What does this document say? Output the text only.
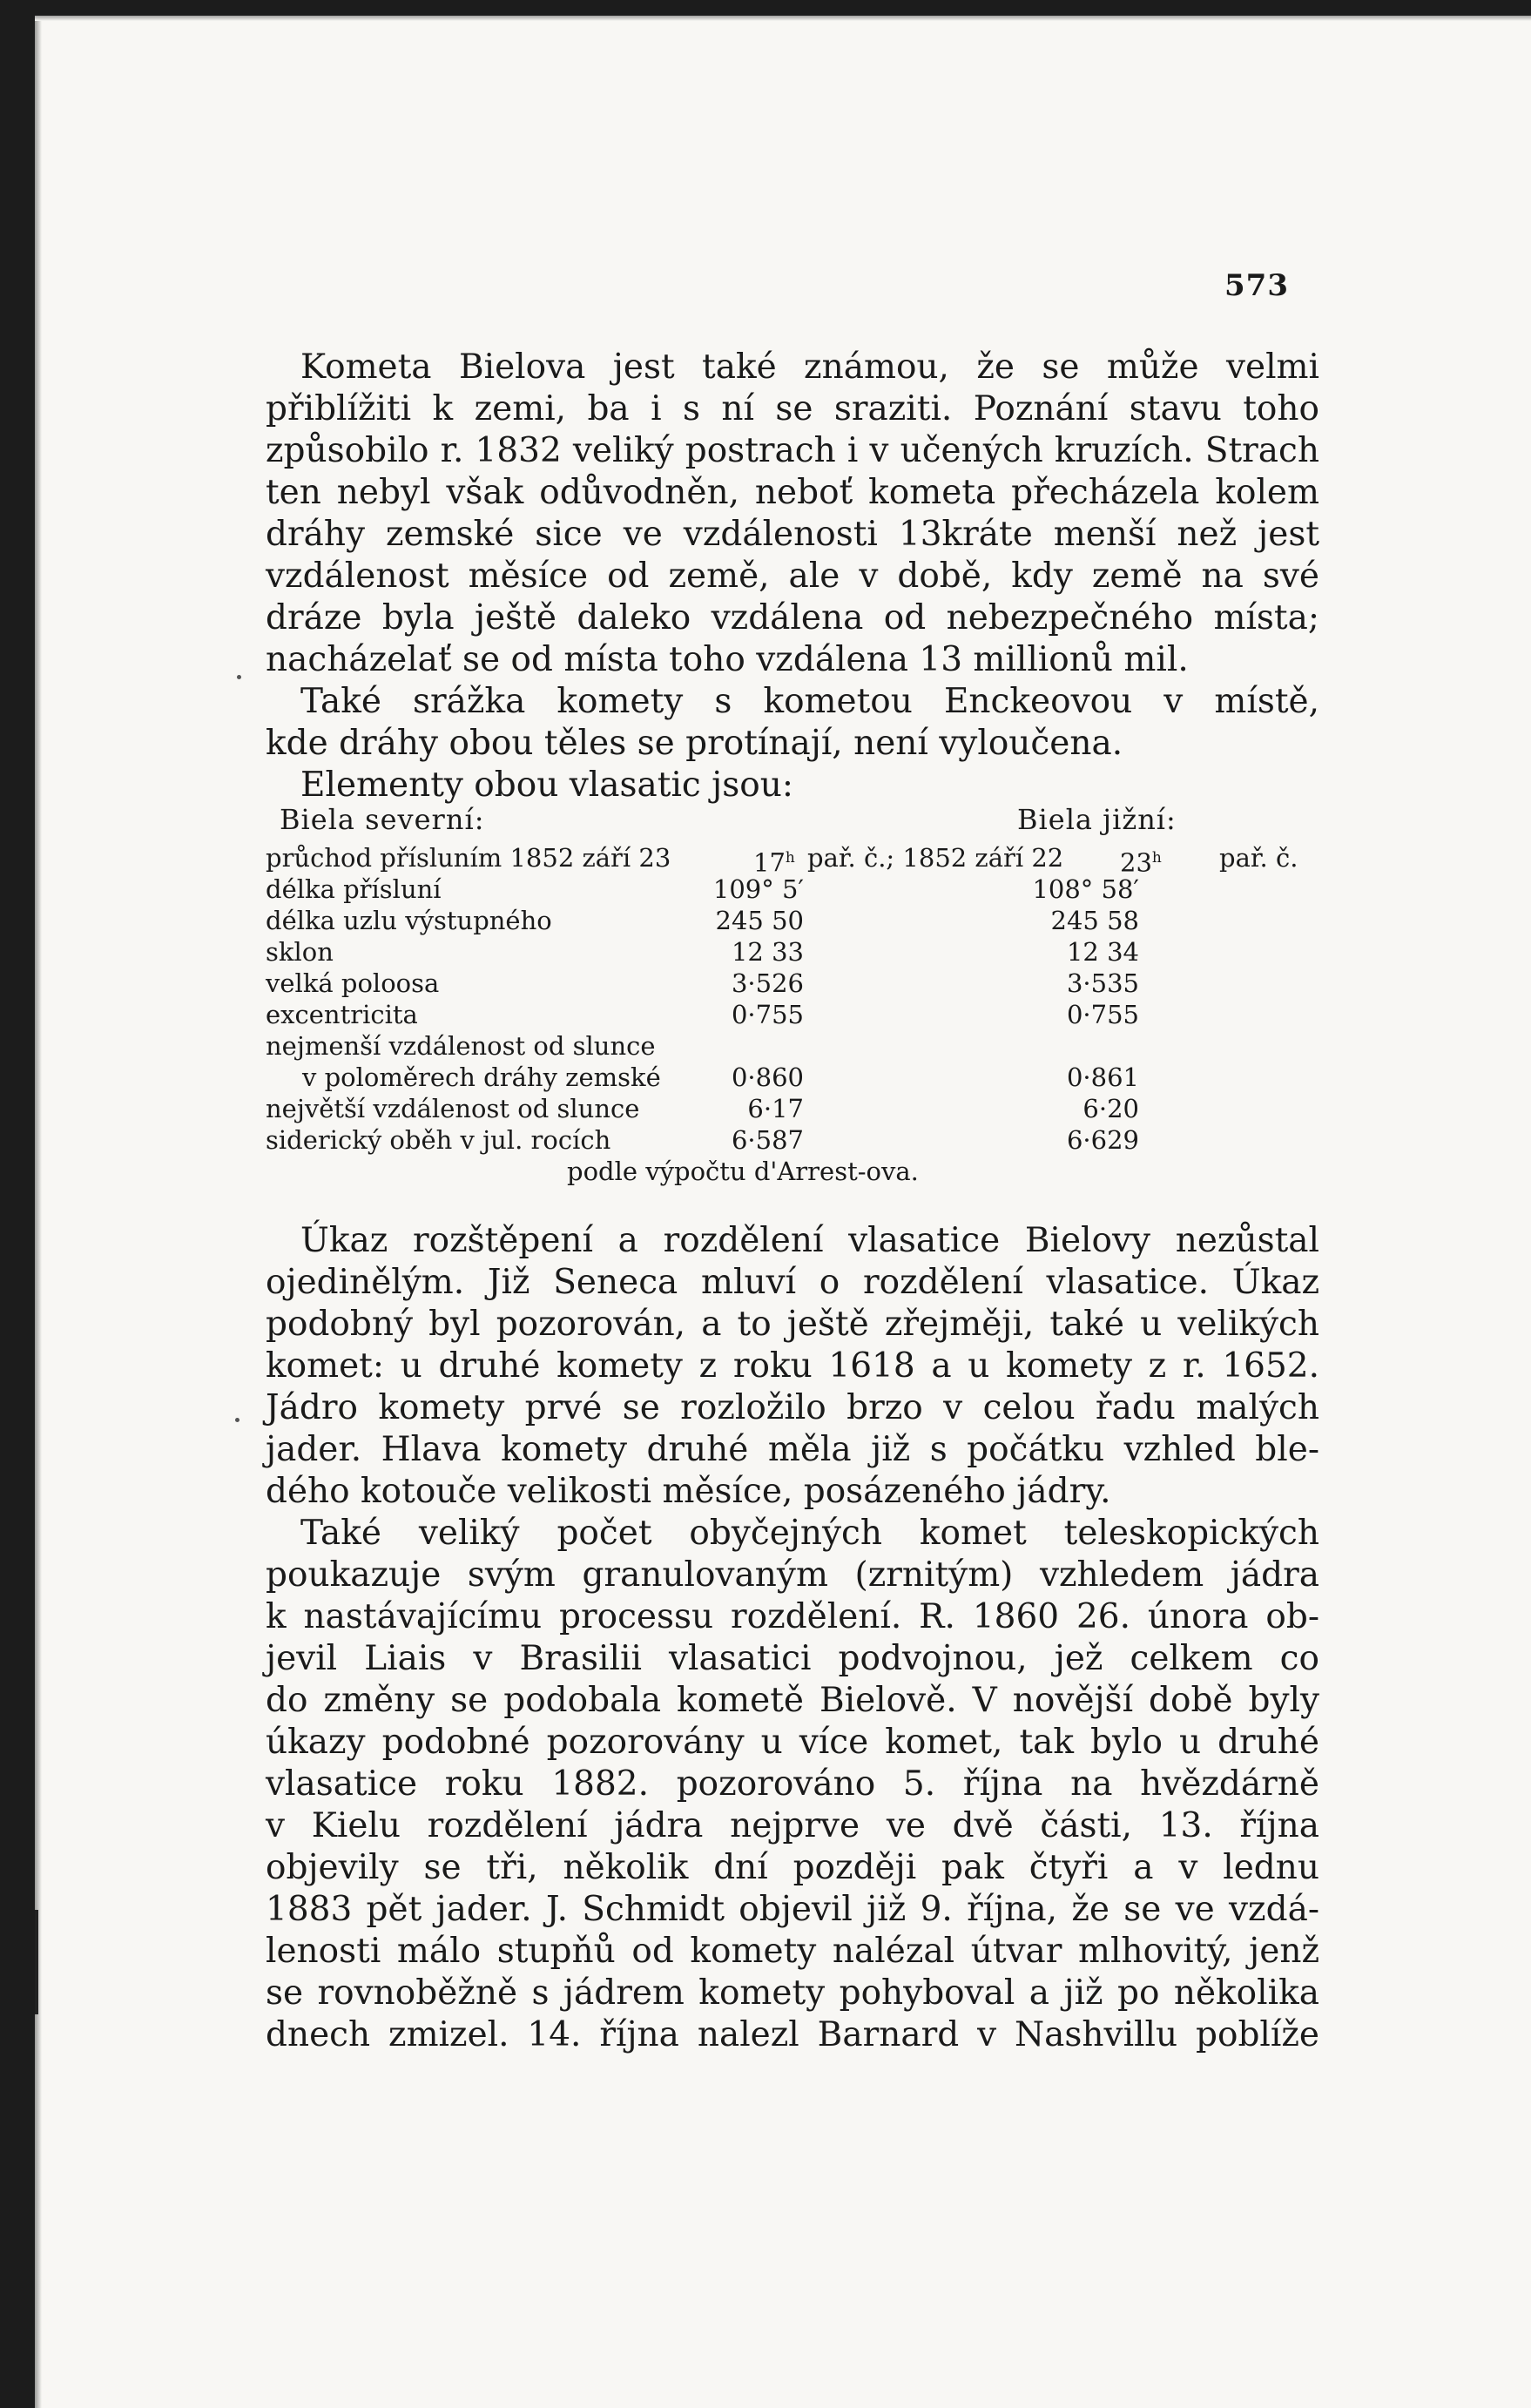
573
Kometa Bielova jest také známou, že se může velmi
přiblížiti k zemi, ba i s ní se sraziti. Poznání stavu toho
způsobilo r. 1832 veliký postrach i v učených kruzích. Strach
ten nebyl však odůvodněn, neboť kometa přecházela kolem
dráhy zemské sice ve vzdálenosti 13kráte menší než jest
vzdálenost měsíce od země, ale v době, kdy země na své
dráze byla ještě daleko vzdálena od nebezpečného místa;
nacházelať se od místa toho vzdálena 13 millionů mil.
Také srážka komety s kometou Enckeovou v místě,
kde dráhy obou těles se protínají, není vyloučena.
Elementy obou vlasatic jsou:
Biela severní:	Biela jižní:
průchod přísluním 1852 září 23	17$^h$ pař. č.; 1852 září 22 23$^h$ pař. č.
délka přísluní	109° 5′	108° 58′
délka uzlu výstupného	245 50	245 58
sklon	12 33	12 34
velká poloosa	3·526	3·535
excentricita	0·755	0·755
nejmenší vzdálenost od slunce
v poloměrech dráhy zemské	0·860	0·861
největší vzdálenost od slunce	6·17	6·20
siderický oběh v jul. rocích	6·587	6·629
podle výpočtu d'Arrest-ova.
Úkaz rozštěpení a rozdělení vlasatice Bielovy nezůstal
ojedinělým. Již Seneca mluví o rozdělení vlasatice. Úkaz
podobný byl pozorován, a to ještě zřejměji, také u velikých
komet: u druhé komety z roku 1618 a u komety z r. 1652.
Jádro komety prvé se rozložilo brzo v celou řadu malých
jader. Hlava komety druhé měla již s počátku vzhled ble-
dého kotouče velikosti měsíce, posázeného jádry.
Také veliký počet obyčejných komet teleskopických
poukazuje svým granulovaným (zrnitým) vzhledem jádra
k nastávajícímu processu rozdělení. R. 1860 26. února ob-
jevil Liais v Brasilii vlasatici podvojnou, jež celkem co
do změny se podobala kometě Bielově. V novější době byly
úkazy podobné pozorovány u více komet, tak bylo u druhé
vlasatice roku 1882. pozorováno 5. října na hvězdárně
v Kielu rozdělení jádra nejprve ve dvě části, 13. října
objevily se tři, několik dní později pak čtyři a v lednu
1883 pět jader. J. Schmidt objevil již 9. října, že se ve vzdá-
lenosti málo stupňů od komety nalézal útvar mlhovitý, jenž
se rovnoběžně s jádrem komety pohyboval a již po několika
dnech zmizel. 14. října nalezl Barnard v Nashvillu poblíže
